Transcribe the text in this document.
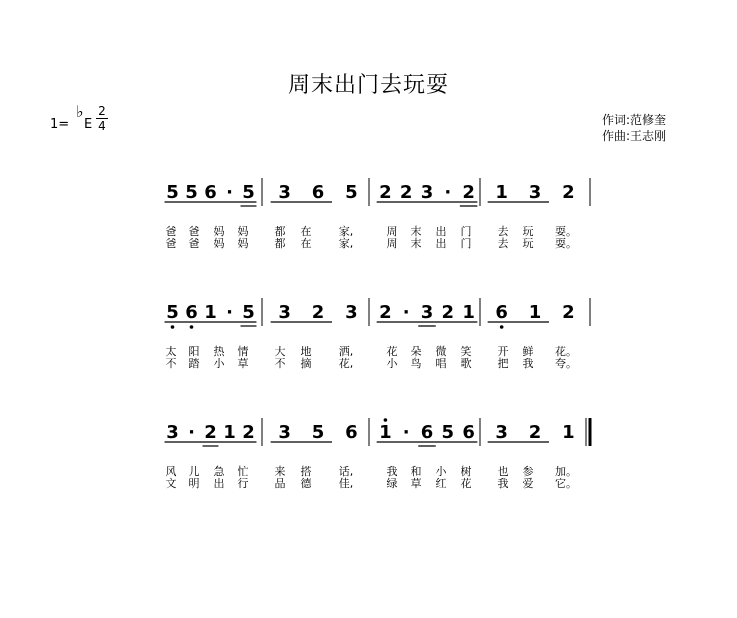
周末出门去玩耍
1=
♭
E $\frac{2}{4}$	作词:范修奎
作曲:王志刚
5 5 6 · 5 3 6 5 2 2 3 · 2 1 3 2
爸 爸 妈 妈 都 在 家,	周 末 出 门 去 玩 耍。
爸 爸 妈 妈 都 在 家,	周 末 出 门 去 玩 耍。
5 6 1 · 5 3 2 3 2 · 3 2 1 6 1 2
太 阳 热 情 大 地 洒,	花 朵 微 笑 开 鲜 花。
不 踏 小 草 不 摘 花,	小 鸟 唱 歌 把 我 夸。
3 · 2 1 2 3 5 6 1 · 6 5 6 3 2 1
风 儿 急 忙 来 搭 话,	我 和 小 树 也 参 加。
文 明 出 行 品 德 佳,	绿 草 红 花 我 爱 它。
